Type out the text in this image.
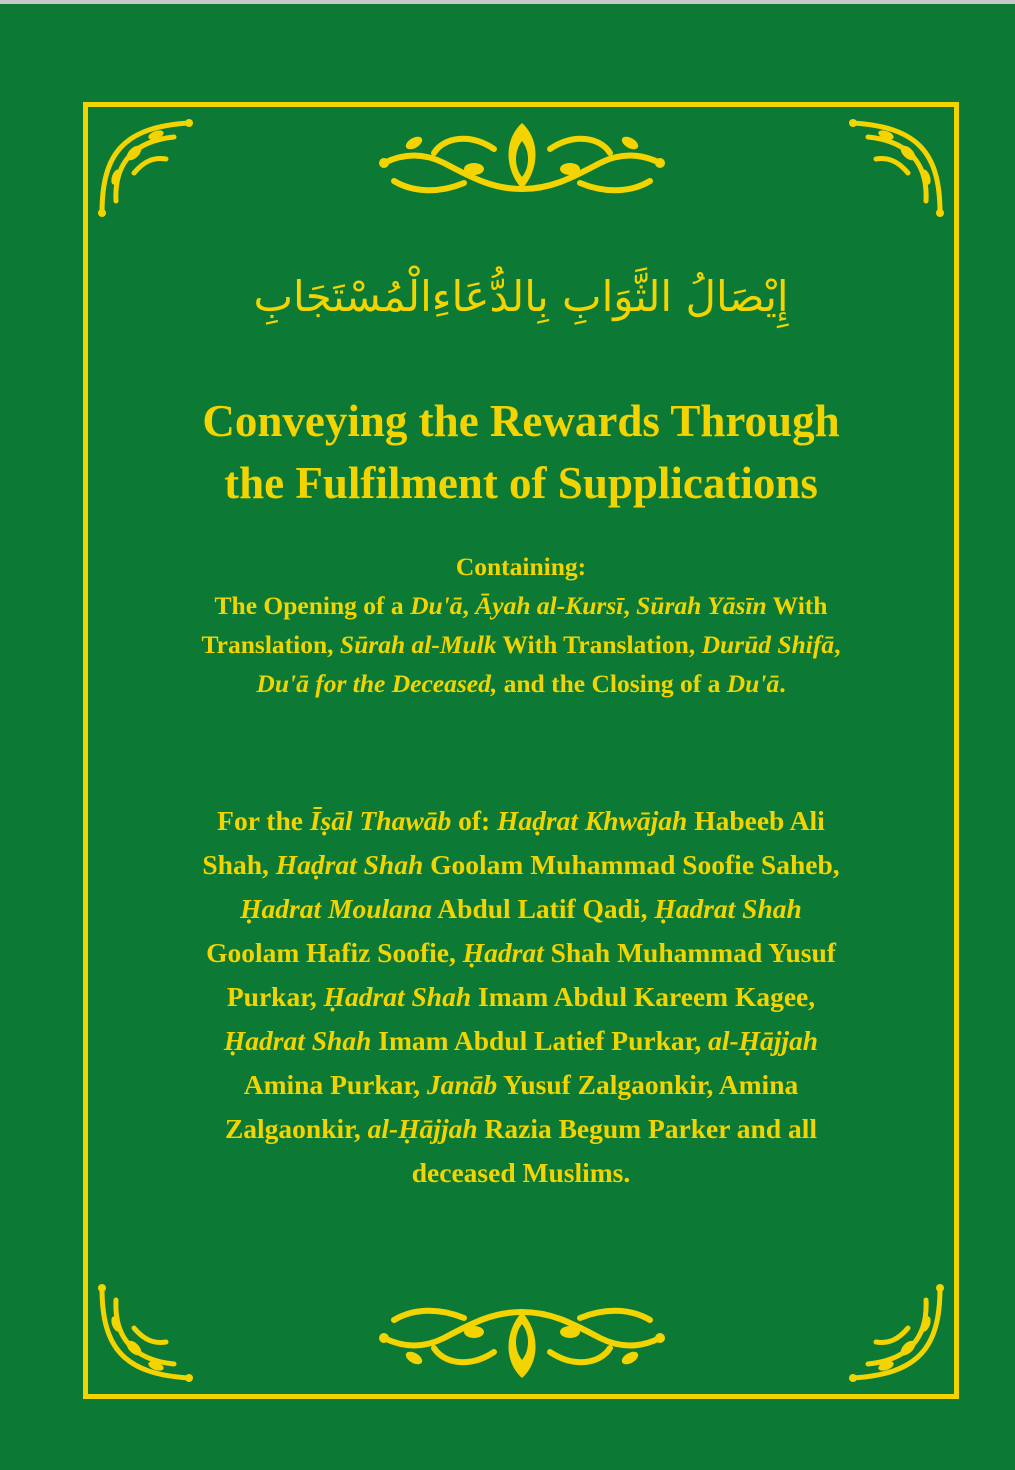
إِيْصَالُ الثَّوَابِ بِالدُّعَاءِالْمُسْتَجَابِ
Conveying the Rewards Through
the Fulfilment of Supplications
Containing:
The Opening of a Du'ā, Āyah al-Kursī, Sūrah Yāsīn With
Translation, Sūrah al-Mulk With Translation, Durūd Shifā,
Du'ā for the Deceased, and the Closing of a Du'ā.
For the Īṣāl Thawāb of: Haḍrat Khwājah Habeeb Ali
Shah, Haḍrat Shah Goolam Muhammad Soofie Saheb,
Ḥadrat Moulana Abdul Latif Qadi, Ḥadrat Shah
Goolam Hafiz Soofie, Ḥadrat Shah Muhammad Yusuf
Purkar, Ḥadrat Shah Imam Abdul Kareem Kagee,
Ḥadrat Shah Imam Abdul Latief Purkar, al-Ḥājjah
Amina Purkar, Janāb Yusuf Zalgaonkir, Amina
Zalgaonkir, al-Ḥājjah Razia Begum Parker and all
deceased Muslims.
